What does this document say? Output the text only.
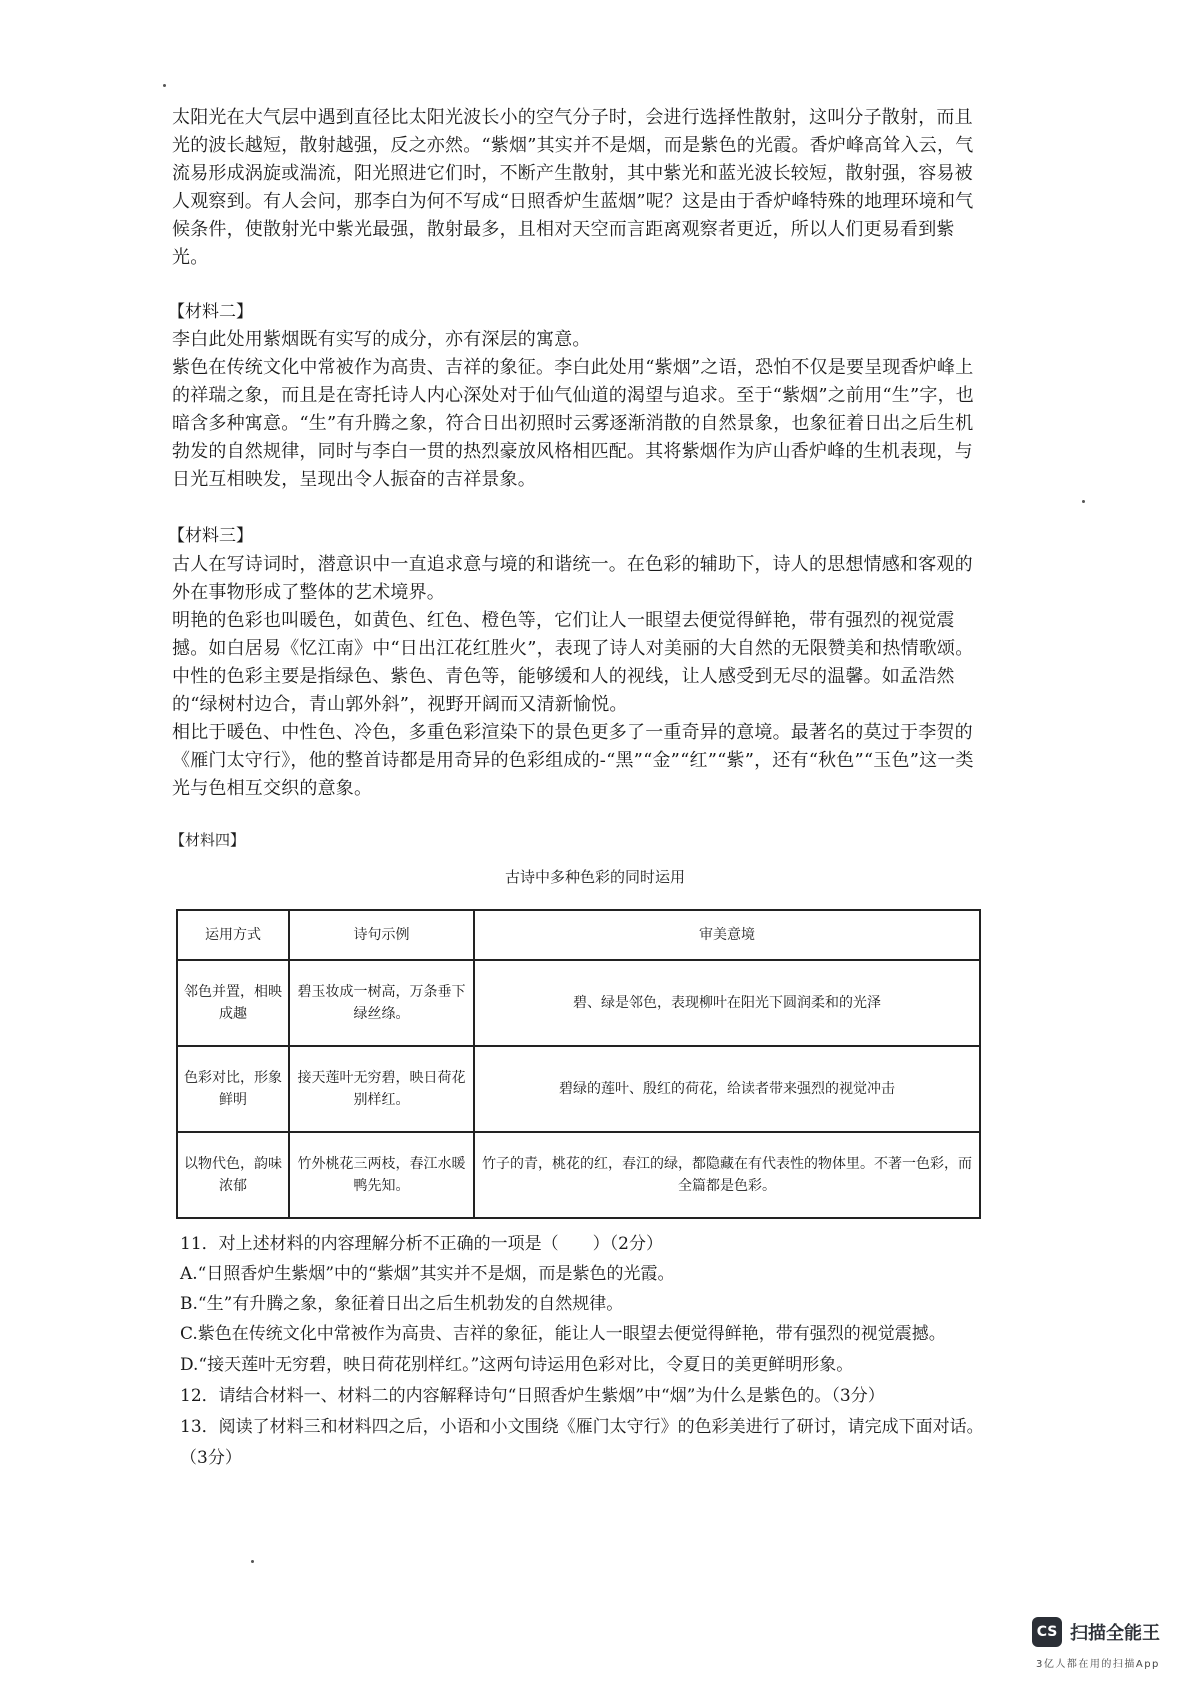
太阳光在大气层中遇到直径比太阳光波长小的空气分子时，会进行选择性散射，这叫分子散射，而且光的波长越短，散射越强，反之亦然。“紫烟”其实并不是烟，而是紫色的光霞。香炉峰高耸入云，气流易形成涡旋或湍流，阳光照进它们时，不断产生散射，其中紫光和蓝光波长较短，散射强，容易被人观察到。有人会问，那李白为何不写成“日照香炉生蓝烟”呢？这是由于香炉峰特殊的地理环境和气候条件，使散射光中紫光最强，散射最多，且相对天空而言距离观察者更近，所以人们更易看到紫光。
【材料二】
李白此处用紫烟既有实写的成分，亦有深层的寓意。
紫色在传统文化中常被作为高贵、吉祥的象征。李白此处用“紫烟”之语，恐怕不仅是要呈现香炉峰上的祥瑞之象，而且是在寄托诗人内心深处对于仙气仙道的渴望与追求。至于“紫烟”之前用“生”字，也暗含多种寓意。“生”有升腾之象，符合日出初照时云雾逐渐消散的自然景象，也象征着日出之后生机勃发的自然规律，同时与李白一贯的热烈豪放风格相匹配。其将紫烟作为庐山香炉峰的生机表现，与日光互相映发，呈现出令人振奋的吉祥景象。
【材料三】
古人在写诗词时，潜意识中一直追求意与境的和谐统一。在色彩的辅助下，诗人的思想情感和客观的外在事物形成了整体的艺术境界。
明艳的色彩也叫暖色，如黄色、红色、橙色等，它们让人一眼望去便觉得鲜艳，带有强烈的视觉震撼。如白居易《忆江南》中“日出江花红胜火”，表现了诗人对美丽的大自然的无限赞美和热情歌颂。中性的色彩主要是指绿色、紫色、青色等，能够缓和人的视线，让人感受到无尽的温馨。如孟浩然的“绿树村边合，青山郭外斜”，视野开阔而又清新愉悦。
相比于暖色、中性色、冷色，多重色彩渲染下的景色更多了一重奇异的意境。最著名的莫过于李贺的《雁门太守行》，他的整首诗都是用奇异的色彩组成的-“黑”“金”“红”“紫”，还有“秋色”“玉色”这一类光与色相互交织的意象。
【材料四】
古诗中多种色彩的同时运用
运用方式	诗句示例	审美意境
邻色并置，相映成趣	碧玉妆成一树高，万条垂下绿丝绦。	碧、绿是邻色，表现柳叶在阳光下圆润柔和的光泽
色彩对比，形象鲜明	接天莲叶无穷碧，映日荷花别样红。	碧绿的莲叶、殷红的荷花，给读者带来强烈的视觉冲击
以物代色，韵味浓郁	竹外桃花三两枝，春江水暖鸭先知。	竹子的青，桃花的红，春江的绿，都隐藏在有代表性的物体里。不著一色彩，而全篇都是色彩。
11．对上述材料的内容理解分析不正确的一项是（　　）（2分）
A.“日照香炉生紫烟”中的“紫烟”其实并不是烟，而是紫色的光霞。
B.“生”有升腾之象，象征着日出之后生机勃发的自然规律。
C.紫色在传统文化中常被作为高贵、吉祥的象征，能让人一眼望去便觉得鲜艳，带有强烈的视觉震撼。
D.“接天莲叶无穷碧，映日荷花别样红。”这两句诗运用色彩对比，令夏日的美更鲜明形象。
12．请结合材料一、材料二的内容解释诗句“日照香炉生紫烟”中“烟”为什么是紫色的。（3分）
13．阅读了材料三和材料四之后，小语和小文围绕《雁门太守行》的色彩美进行了研讨，请完成下面对话。（3分）
CS 扫描全能王
3亿人都在用的扫描App
